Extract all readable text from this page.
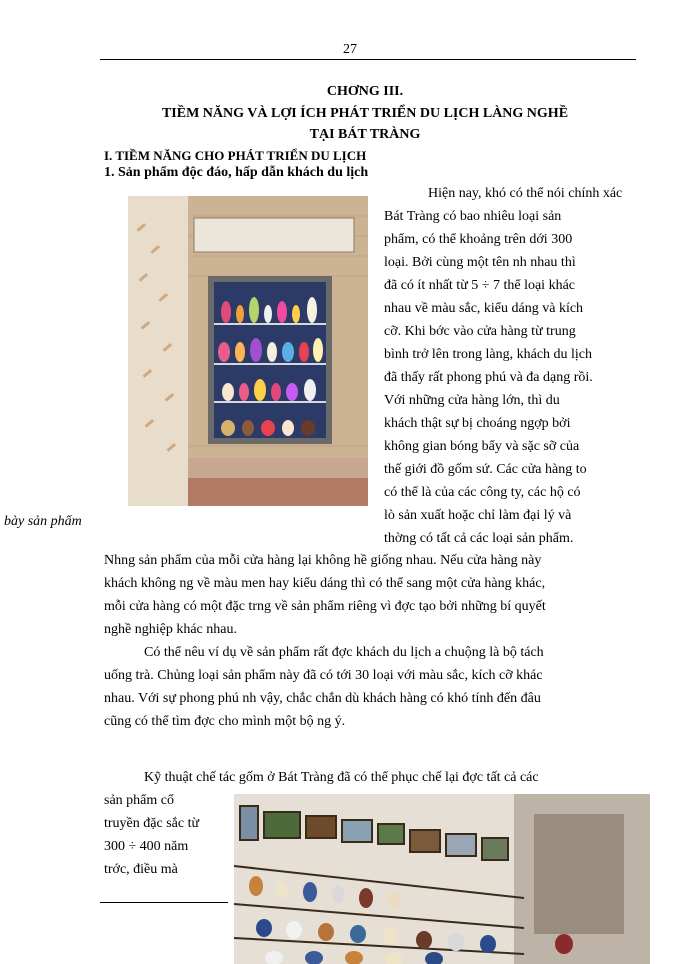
27
CHƠNG III.
TIỀM NĂNG VÀ LỢI ÍCH PHÁT TRIỂN DU LỊCH LÀNG NGHỀ
TẠI BÁT TRÀNG
I. TIỀM NĂNG CHO PHÁT TRIỂN DU LỊCH
1. Sản phẩm độc đáo, hấp dẫn khách du lịch
Hiện nay, khó có thể nói chính xác
Bát Tràng có bao nhiêu loại sản
phẩm, có thể khoảng trên dới 300
loại. Bởi cùng một tên nh nhau thì
đã có ít nhất từ 5 ÷ 7 thể loại khác
nhau về màu sắc, kiểu dáng và kích
cỡ. Khi bớc vào cửa hàng từ trung
bình trở lên trong làng, khách du lịch
đã thấy rất phong phú và đa dạng rồi.
Với những cửa hàng lớn, thì du
khách thật sự bị choáng ngợp bởi
không gian bóng bẩy và sặc sỡ của
thế giới đồ gốm sứ. Các cửa hàng to
có thể là của các công ty, các hộ có
lò sản xuất hoặc chỉ làm đại lý và
thờng có tất cả các loại sản phẩm.
bày sản phẩm
Nhng sản phẩm của mỗi cửa hàng lại không hề giống nhau. Nếu cửa hàng này
khách không ng về màu men hay kiểu dáng thì có thể sang một cửa hàng khác,
mỗi cửa hàng có một đặc trng về sản phẩm riêng vì đợc tạo bởi những bí quyết
nghề nghiệp khác nhau.
Có thể nêu ví dụ về sản phẩm rất đợc khách du lịch a chuộng là bộ tách
uống trà. Chủng loại sản phẩm này đã có tới 30 loại với màu sắc, kích cỡ khác
nhau. Với sự phong phú nh vậy, chắc chắn dù khách hàng có khó tính đến đâu
cũng có thể tìm đợc cho mình một bộ ng ý.
Kỹ thuật chế tác gốm ở Bát Tràng đã có thể phục chế lại đợc tất cả các
sản phẩm cổ
truyền đặc sắc từ
300 ÷ 400 năm
trớc, điều mà
